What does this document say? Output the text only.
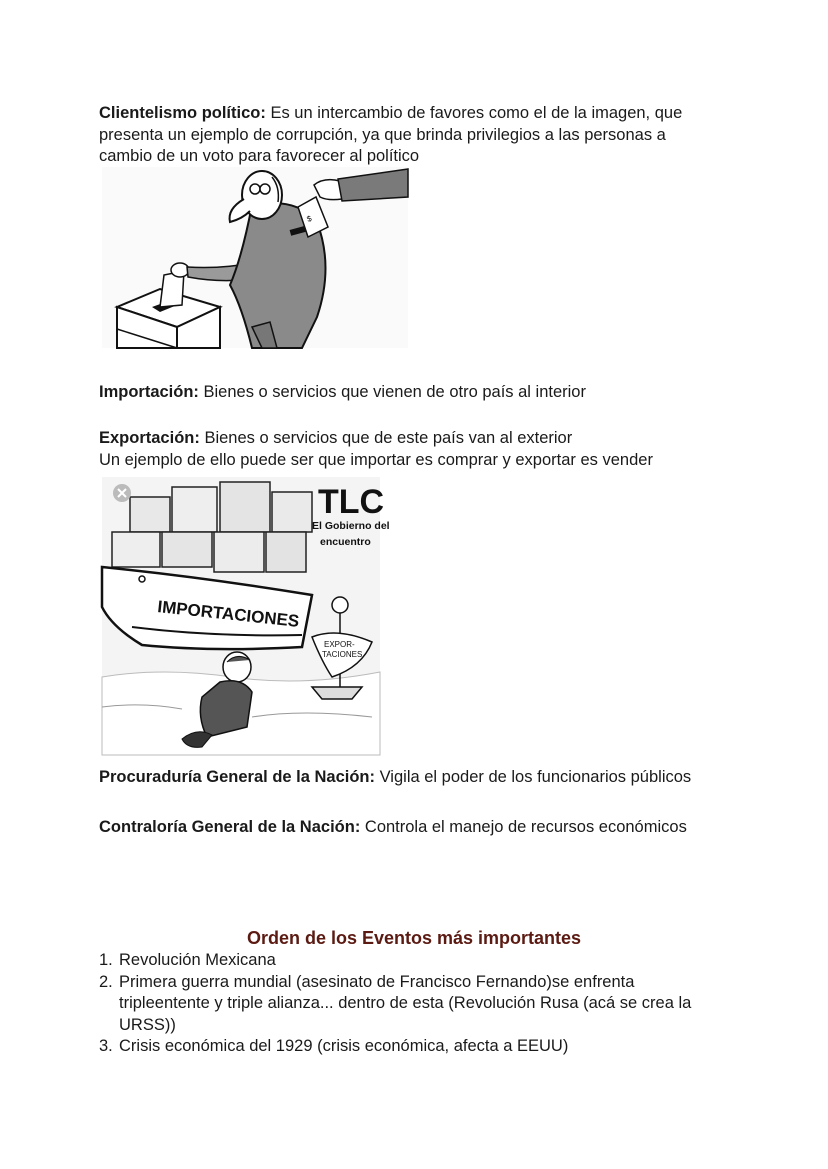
Clientelismo político: Es un intercambio de favores como el de la imagen, que presenta un ejemplo de corrupción, ya que brinda privilegios a las personas a cambio de un voto para favorecer al político

$

Importación: Bienes o servicios que vienen de otro país al interior

Exportación: Bienes o servicios que de este país van al exterior
Un ejemplo de ello puede ser que importar es comprar y exportar es vender

IMPORTACIONES
TLC
El Gobierno del
encuentro
EXPOR-
TACIONES

Procuraduría General de la Nación: Vigila el poder de los funcionarios públicos

Contraloría General de la Nación: Controla el manejo de recursos económicos

Orden de los Eventos más importantes
1. Revolución Mexicana
2. Primera guerra mundial (asesinato de Francisco Fernando)se enfrenta tripleentente y triple alianza... dentro de esta (Revolución Rusa (acá se crea la URSS))
3. Crisis económica del 1929 (crisis económica, afecta a EEUU)
